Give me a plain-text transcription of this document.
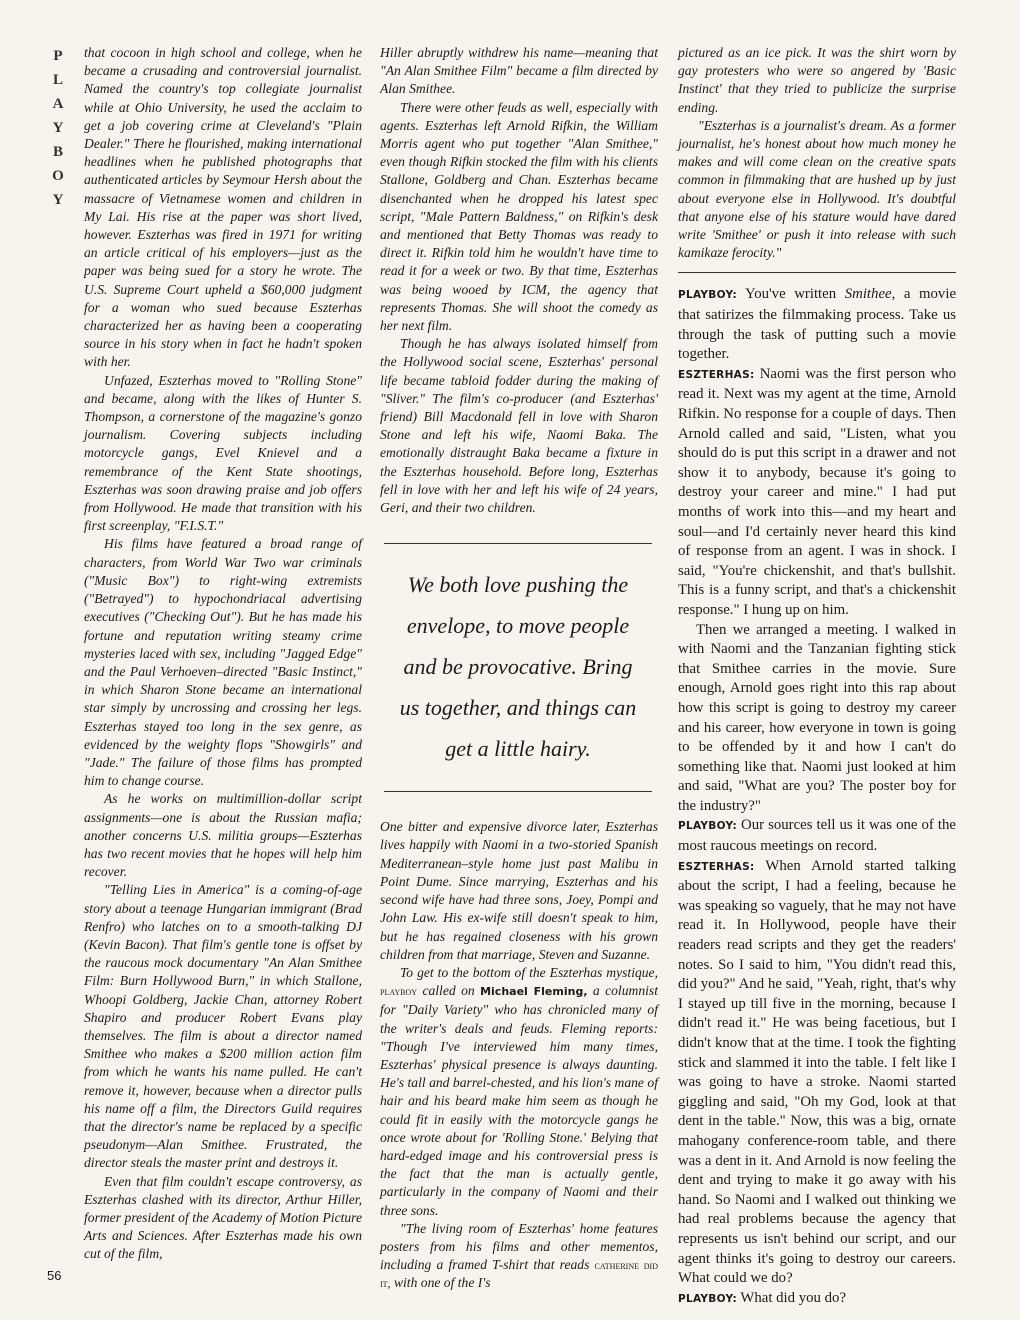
P
L
A
Y
B
O
Y

that cocoon in high school and college, when he became a crusading and controversial journalist. Named the country's top collegiate journalist while at Ohio University, he used the acclaim to get a job covering crime at Cleveland's "Plain Dealer." There he flourished, making international headlines when he published photographs that authenticated articles by Seymour Hersh about the massacre of Vietnamese women and children in My Lai. His rise at the paper was short lived, however. Eszterhas was fired in 1971 for writing an article critical of his employers—just as the paper was being sued for a story he wrote. The U.S. Supreme Court upheld a $60,000 judgment for a woman who sued because Eszterhas characterized her as having been a cooperating source in his story when in fact he hadn't spoken with her.

Unfazed, Eszterhas moved to "Rolling Stone" and became, along with the likes of Hunter S. Thompson, a cornerstone of the magazine's gonzo journalism. Covering subjects including motorcycle gangs, Evel Knievel and a remembrance of the Kent State shootings, Eszterhas was soon drawing praise and job offers from Hollywood. He made that transition with his first screenplay, "F.I.S.T."

His films have featured a broad range of characters, from World War Two war criminals ("Music Box") to right-wing extremists ("Betrayed") to hypochondriacal advertising executives ("Checking Out"). But he has made his fortune and reputation writing steamy crime mysteries laced with sex, including "Jagged Edge" and the Paul Verhoeven–directed "Basic Instinct," in which Sharon Stone became an international star simply by uncrossing and crossing her legs. Eszterhas stayed too long in the sex genre, as evidenced by the weighty flops "Showgirls" and "Jade." The failure of those films has prompted him to change course.

As he works on multimillion-dollar script assignments—one is about the Russian mafia; another concerns U.S. militia groups—Eszterhas has two recent movies that he hopes will help him recover.

"Telling Lies in America" is a coming-of-age story about a teenage Hungarian immigrant (Brad Renfro) who latches on to a smooth-talking DJ (Kevin Bacon). That film's gentle tone is offset by the raucous mock documentary "An Alan Smithee Film: Burn Hollywood Burn," in which Stallone, Whoopi Goldberg, Jackie Chan, attorney Robert Shapiro and producer Robert Evans play themselves. The film is about a director named Smithee who makes a $200 million action film from which he wants his name pulled. He can't remove it, however, because when a director pulls his name off a film, the Directors Guild requires that the director's name be replaced by a specific pseudonym—Alan Smithee. Frustrated, the director steals the master print and destroys it.

Even that film couldn't escape controversy, as Eszterhas clashed with its director, Arthur Hiller, former president of the Academy of Motion Picture Arts and Sciences. After Eszterhas made his own cut of the film,

Hiller abruptly withdrew his name—meaning that "An Alan Smithee Film" became a film directed by Alan Smithee.

There were other feuds as well, especially with agents. Eszterhas left Arnold Rifkin, the William Morris agent who put together "Alan Smithee," even though Rifkin stocked the film with his clients Stallone, Goldberg and Chan. Eszterhas became disenchanted when he dropped his latest spec script, "Male Pattern Baldness," on Rifkin's desk and mentioned that Betty Thomas was ready to direct it. Rifkin told him he wouldn't have time to read it for a week or two. By that time, Eszterhas was being wooed by ICM, the agency that represents Thomas. She will shoot the comedy as her next film.

Though he has always isolated himself from the Hollywood social scene, Eszterhas' personal life became tabloid fodder during the making of "Sliver." The film's co-producer (and Eszterhas' friend) Bill Macdonald fell in love with Sharon Stone and left his wife, Naomi Baka. The emotionally distraught Baka became a fixture in the Eszterhas household. Before long, Eszterhas fell in love with her and left his wife of 24 years, Geri, and their two children.

We both love pushing the envelope, to move people and be provocative. Bring us together, and things can get a little hairy.

One bitter and expensive divorce later, Eszterhas lives happily with Naomi in a two-storied Spanish Mediterranean–style home just past Malibu in Point Dume. Since marrying, Eszterhas and his second wife have had three sons, Joey, Pompi and John Law. His ex-wife still doesn't speak to him, but he has regained closeness with his grown children from that marriage, Steven and Suzanne.

To get to the bottom of the Eszterhas mystique, playboy called on Michael Fleming, a columnist for "Daily Variety" who has chronicled many of the writer's deals and feuds. Fleming reports: "Though I've interviewed him many times, Eszterhas' physical presence is always daunting. He's tall and barrel-chested, and his lion's mane of hair and his beard make him seem as though he could fit in easily with the motorcycle gangs he once wrote about for 'Rolling Stone.' Belying that hard-edged image and his controversial press is the fact that the man is actually gentle, particularly in the company of Naomi and their three sons.

"The living room of Eszterhas' home features posters from his films and other mementos, including a framed T-shirt that reads catherine did it, with one of the I's

pictured as an ice pick. It was the shirt worn by gay protesters who were so angered by 'Basic Instinct' that they tried to publicize the surprise ending.

"Eszterhas is a journalist's dream. As a former journalist, he's honest about how much money he makes and will come clean on the creative spats common in filmmaking that are hushed up by just about everyone else in Hollywood. It's doubtful that anyone else of his stature would have dared write 'Smithee' or push it into release with such kamikaze ferocity."

PLAYBOY: You've written Smithee, a movie that satirizes the filmmaking process. Take us through the task of putting such a movie together.

ESZTERHAS: Naomi was the first person who read it. Next was my agent at the time, Arnold Rifkin. No response for a couple of days. Then Arnold called and said, "Listen, what you should do is put this script in a drawer and not show it to anybody, because it's going to destroy your career and mine." I had put months of work into this—and my heart and soul—and I'd certainly never heard this kind of response from an agent. I was in shock. I said, "You're chickenshit, and that's bullshit. This is a funny script, and that's a chickenshit response." I hung up on him.

Then we arranged a meeting. I walked in with Naomi and the Tanzanian fighting stick that Smithee carries in the movie. Sure enough, Arnold goes right into this rap about how this script is going to destroy my career and his career, how everyone in town is going to be offended by it and how I can't do something like that. Naomi just looked at him and said, "What are you? The poster boy for the industry?"

PLAYBOY: Our sources tell us it was one of the most raucous meetings on record.

ESZTERHAS: When Arnold started talking about the script, I had a feeling, because he was speaking so vaguely, that he may not have read it. In Hollywood, people have their readers read scripts and they get the readers' notes. So I said to him, "You didn't read this, did you?" And he said, "Yeah, right, that's why I stayed up till five in the morning, because I didn't read it." He was being facetious, but I didn't know that at the time. I took the fighting stick and slammed it into the table. I felt like I was going to have a stroke. Naomi started giggling and said, "Oh my God, look at that dent in the table." Now, this was a big, ornate mahogany conference-room table, and there was a dent in it. And Arnold is now feeling the dent and trying to make it go away with his hand. So Naomi and I walked out thinking we had real problems because the agency that represents us isn't behind our script, and our agent thinks it's going to destroy our careers. What could we do?

PLAYBOY: What did you do?

56
